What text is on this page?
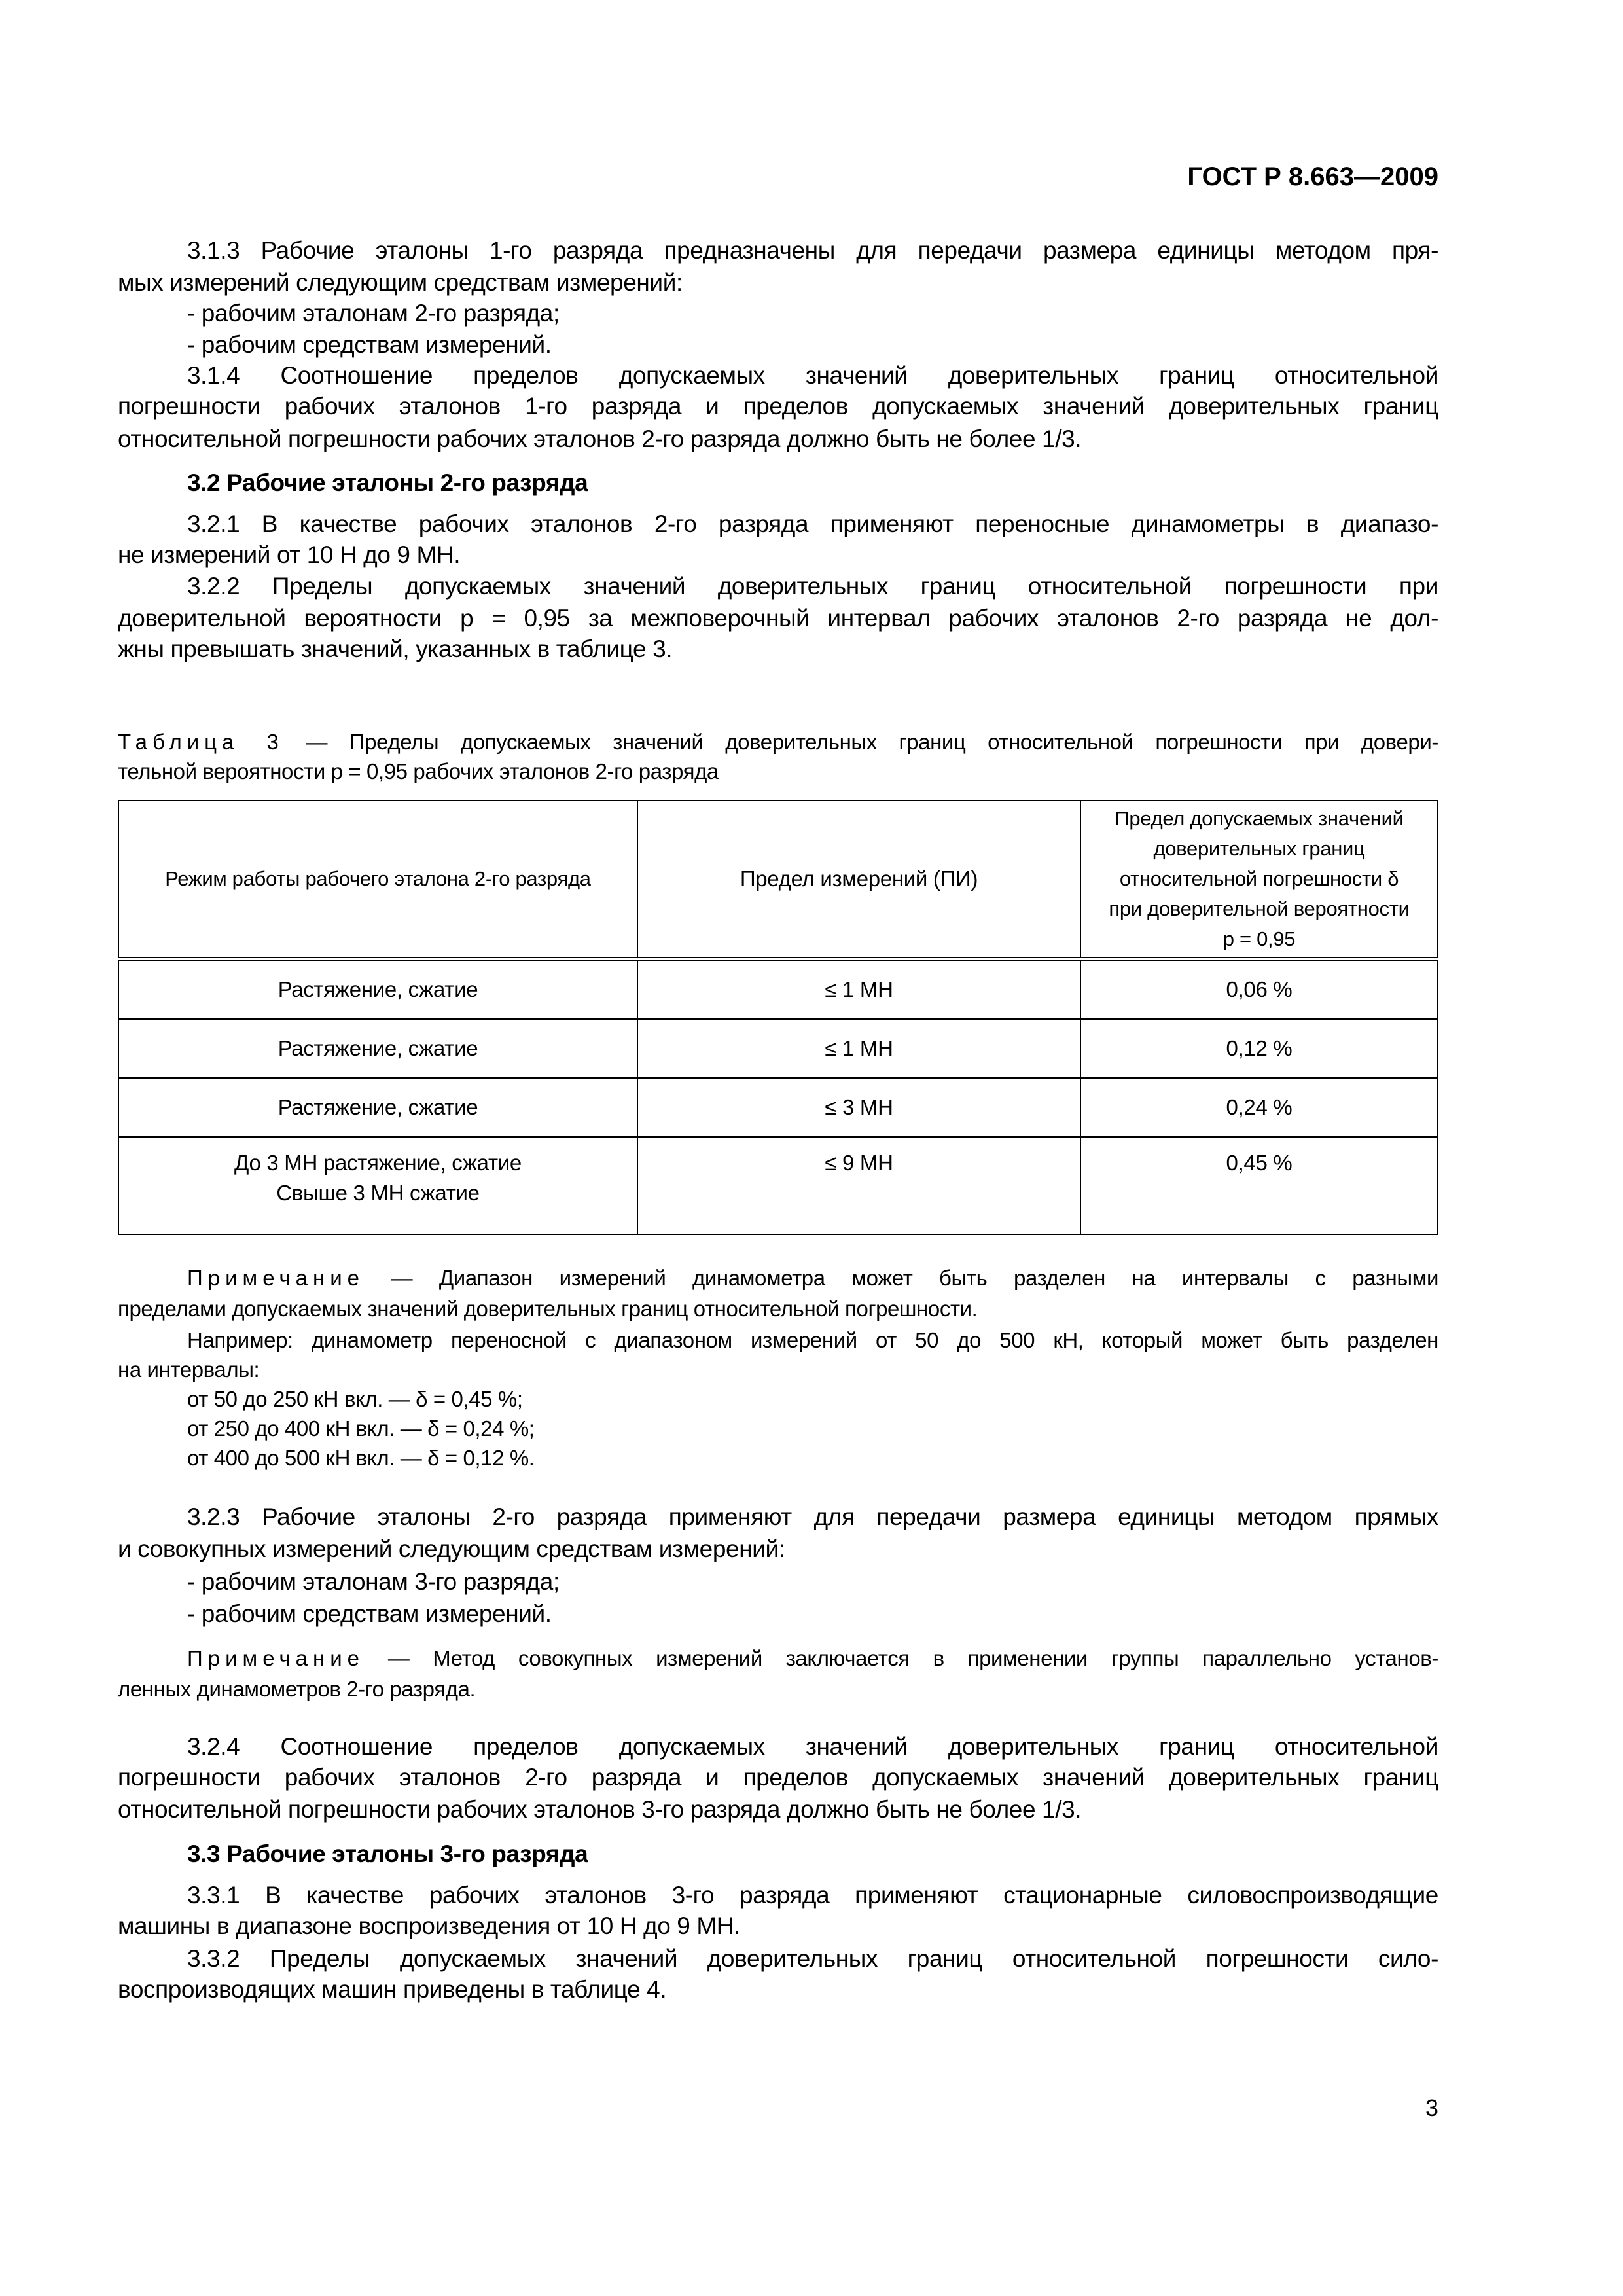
ГОСТ Р 8.663—2009
3.1.3 Рабочие эталоны 1-го разряда предназначены для передачи размера единицы методом пря-
мых измерений следующим средствам измерений:
- рабочим эталонам 2-го разряда;
- рабочим средствам измерений.
3.1.4 Соотношение пределов допускаемых значений доверительных границ относительной
погрешности рабочих эталонов 1-го разряда и пределов допускаемых значений доверительных границ
относительной погрешности рабочих эталонов 2-го разряда должно быть не более 1/3.
3.2 Рабочие эталоны 2-го разряда
3.2.1 В качестве рабочих эталонов 2-го разряда применяют переносные динамометры в диапазо-
не измерений от 10 Н до 9 МН.
3.2.2 Пределы допускаемых значений доверительных границ относительной погрешности при
доверительной вероятности p = 0,95 за межповерочный интервал рабочих эталонов 2-го разряда не дол-
жны превышать значений, указанных в таблице 3.
Таблица 3 — Пределы допускаемых значений доверительных границ относительной погрешности при довери-
тельной вероятности p = 0,95 рабочих эталонов 2-го разряда
Режим работы рабочего эталона 2-го разряда	Предел измерений (ПИ)	Предел допускаемых значений доверительных границ относительной погрешности δ при доверительной вероятности p = 0,95
Растяжение, сжатие	≤ 1 МН	0,06 %
Растяжение, сжатие	≤ 1 МН	0,12 %
Растяжение, сжатие	≤ 3 МН	0,24 %

До 3 МН растяжение, сжатие
Свыше 3 МН сжатие	≤ 9 МН	0,45 %
Примечание — Диапазон измерений динамометра может быть разделен на интервалы с разными
пределами допускаемых значений доверительных границ относительной погрешности.
Например: динамометр переносной с диапазоном измерений от 50 до 500 кН, который может быть разделен
на интервалы:
от 50 до 250 кН вкл. — δ = 0,45 %;
от 250 до 400 кН вкл. — δ = 0,24 %;
от 400 до 500 кН вкл. — δ = 0,12 %.
3.2.3 Рабочие эталоны 2-го разряда применяют для передачи размера единицы методом прямых
и совокупных измерений следующим средствам измерений:
- рабочим эталонам 3-го разряда;
- рабочим средствам измерений.
Примечание — Метод совокупных измерений заключается в применении группы параллельно установ-
ленных динамометров 2-го разряда.
3.2.4 Соотношение пределов допускаемых значений доверительных границ относительной
погрешности рабочих эталонов 2-го разряда и пределов допускаемых значений доверительных границ
относительной погрешности рабочих эталонов 3-го разряда должно быть не более 1/3.
3.3 Рабочие эталоны 3-го разряда
3.3.1 В качестве рабочих эталонов 3-го разряда применяют стационарные силовоспроизводящие
машины в диапазоне воспроизведения от 10 Н до 9 МН.
3.3.2 Пределы допускаемых значений доверительных границ относительной погрешности сило-
воспроизводящих машин приведены в таблице 4.
3
